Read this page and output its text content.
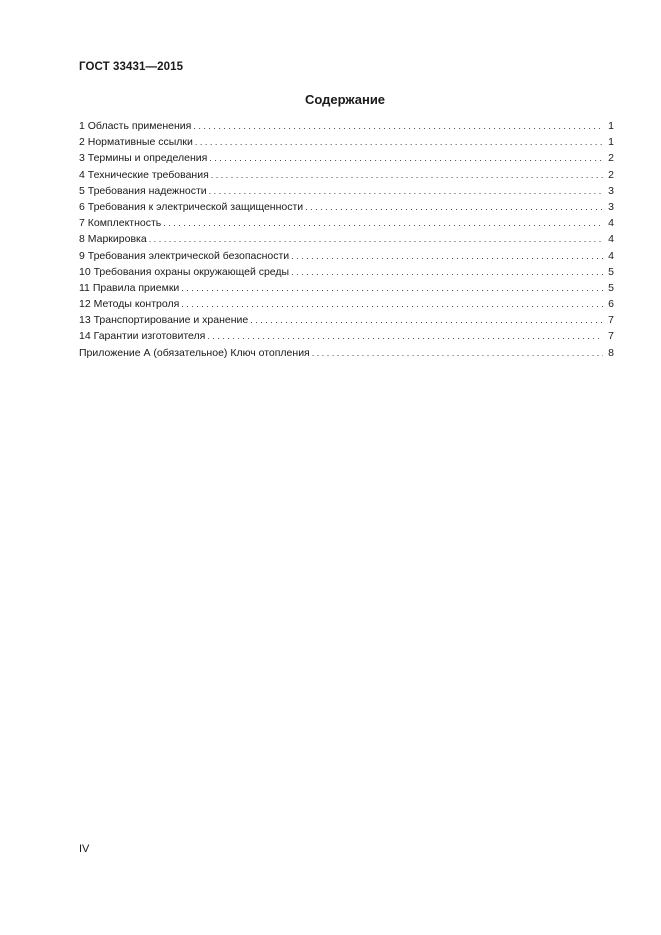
ГОСТ 33431—2015
Содержание
1 Область применения . . .	1
2 Нормативные ссылки . . .	1
3 Термины и определения . . .	2
4 Технические требования . . .	2
5 Требования надежности . . .	3
6 Требования к электрической защищенности . . .	3
7 Комплектность . . .	4
8 Маркировка . . .	4
9 Требования электрической безопасности . . .	4
10 Требования охраны окружающей среды . . .	5
11 Правила приемки . . .	5
12 Методы контроля . . .	6
13 Транспортирование и хранение . . .	7
14 Гарантии изготовителя . . .	7
Приложение А (обязательное) Ключ отопления . . .	8
IV
